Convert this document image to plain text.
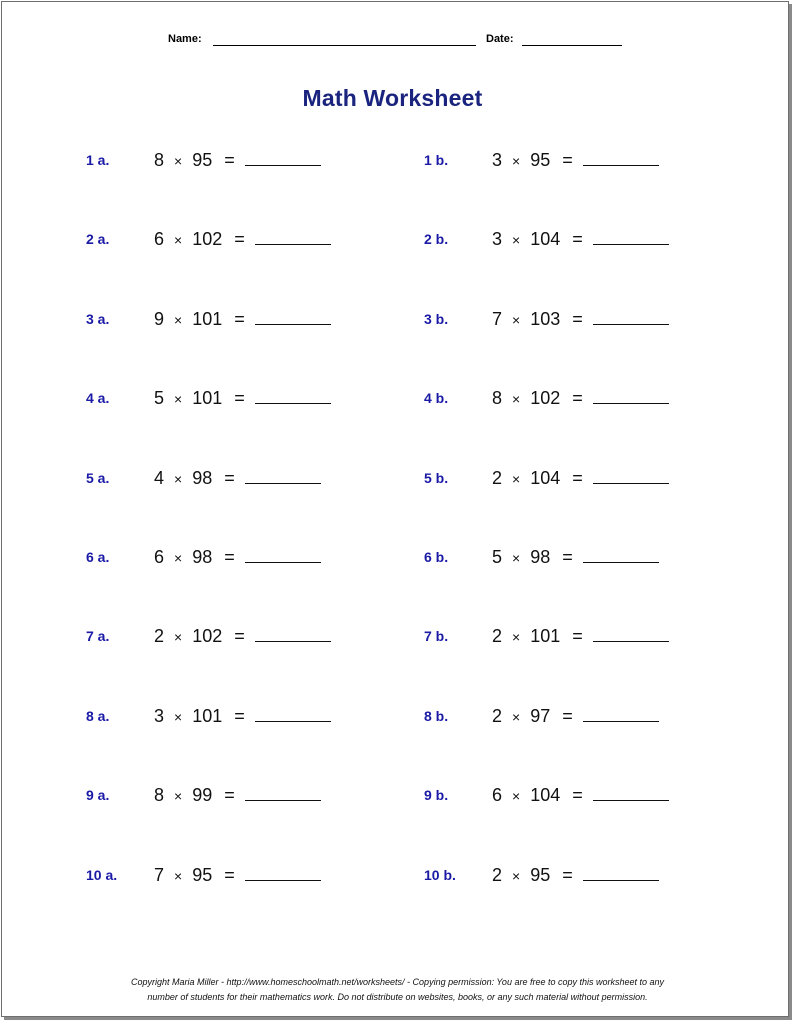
Name:	Date:
Math Worksheet
1 a. 8 × 95 =	1 b. 3 × 95 =
2 a. 6 × 102 =	2 b. 3 × 104 =
3 a. 9 × 101 =	3 b. 7 × 103 =
4 a. 5 × 101 =	4 b. 8 × 102 =
5 a. 4 × 98 =	5 b. 2 × 104 =
6 a. 6 × 98 =	6 b. 5 × 98 =
7 a. 2 × 102 =	7 b. 2 × 101 =
8 a. 3 × 101 =	8 b. 2 × 97 =
9 a. 8 × 99 =	9 b. 6 × 104 =
10 a. 7 × 95 =	10 b. 2 × 95 =
Copyright Maria Miller - http://www.homeschoolmath.net/worksheets/ - Copying permission: You are free to copy this worksheet to any
number of students for their mathematics work. Do not distribute on websites, books, or any such material without permission.
